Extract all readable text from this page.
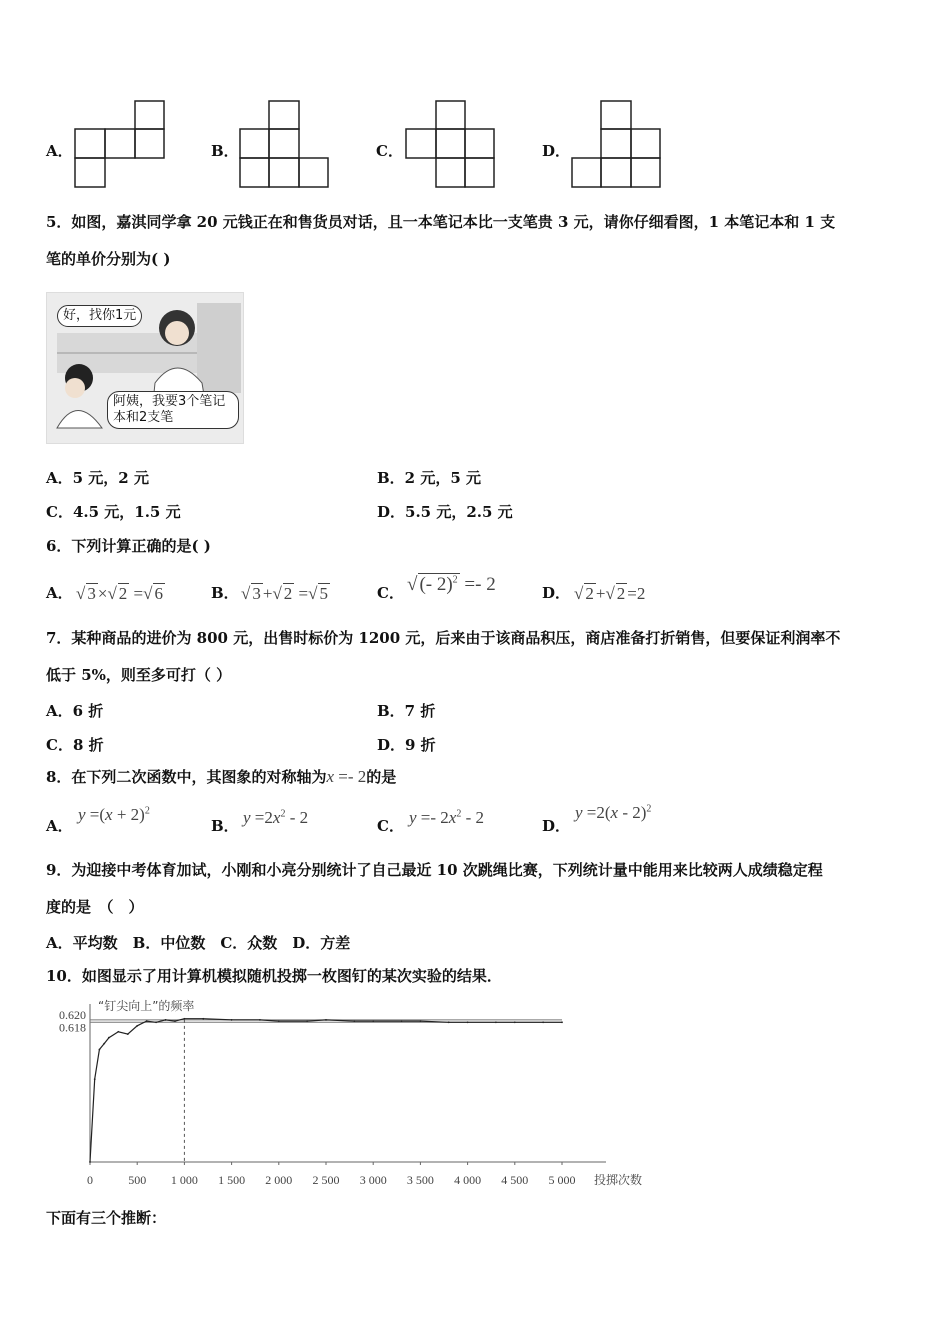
A．	B．	C．	D．
5．如图，嘉淇同学拿 20 元钱正在和售货员对话，且一本笔记本比一支笔贵 3 元，请你仔细看图，1 本笔记本和 1 支
笔的单价分别为( )
好，找你1元
阿姨，我要3个笔记本和2支笔
A．5 元，2 元	B．2 元，5 元
C．4.5 元，1.5 元	D．5.5 元，2.5 元
6．下列计算正确的是( )
A． √ 3 ×√ 2 =√ 6	B． √ 3 +√ 2 =√ 5	C． √ (- 2)$^2$ =- 2	D． √ 2 +√ 2 =2
7．某种商品的进价为 800 元，出售时标价为 1200 元，后来由于该商品积压，商店准备打折销售，但要保证利润率不
低于 5%，则至多可打（ ）
A．6 折	B．7 折
C．8 折	D．9 折
8．在下列二次函数中，其图象的对称轴为x =- 2的是
A．
$y =(x + 2)^2$
B． $y =2x^2 - 2$	C． $y =- 2x^2 - 2$	D．
y =2(x - 2)$^2$
9．为迎接中考体育加试，小刚和小亮分别统计了自己最近 10 次跳绳比赛，下列统计量中能用来比较两人成绩稳定程
度的是　（　）
A．平均数　B．中位数　C．众数　D．方差
10．如图显示了用计算机模拟随机投掷一枚图钉的某次实验的结果．
“钉尖向上”的频率
投掷次数
0	500 1 000 1 500 2 000 2 500 3 000 3 500 4 000 4 500 5 000
0.620
0.618
下面有三个推断：
